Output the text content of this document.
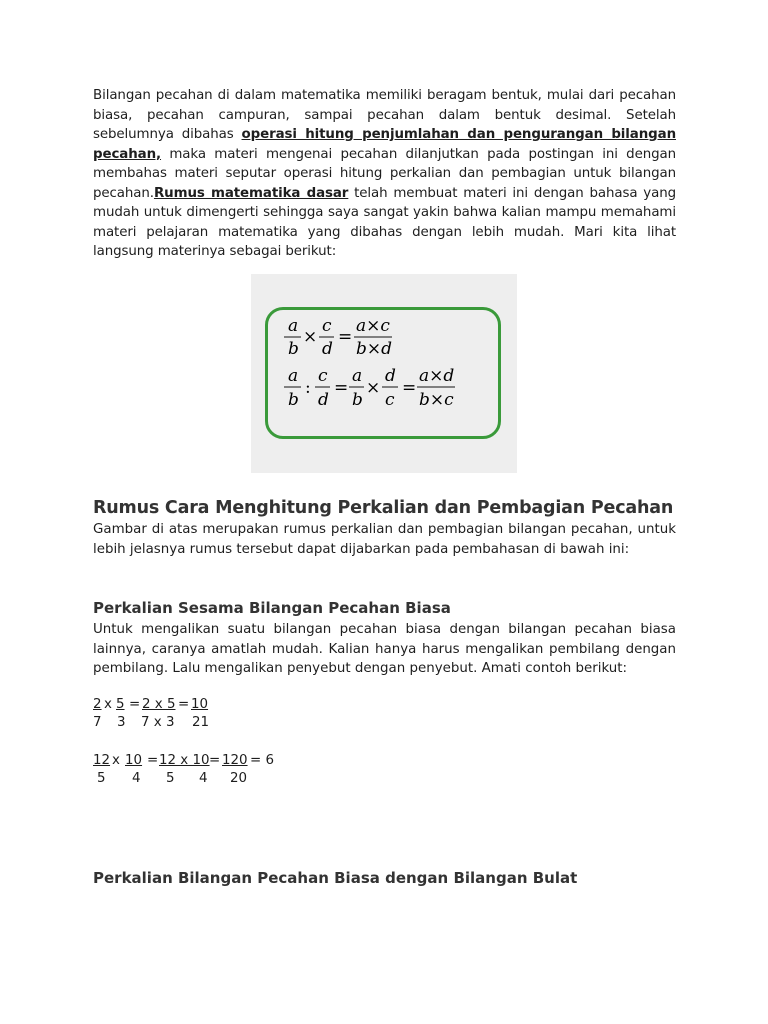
Bilangan pecahan di dalam matematika memiliki beragam bentuk, mulai dari pecahan biasa, pecahan campuran, sampai pecahan dalam bentuk desimal. Setelah sebelumnya dibahas operasi hitung penjumlahan dan pengurangan bilangan pecahan, maka materi mengenai pecahan dilanjutkan pada postingan ini dengan membahas materi seputar operasi hitung perkalian dan pembagian untuk bilangan pecahan.Rumus matematika dasar telah membuat materi ini dengan bahasa yang mudah untuk dimengerti sehingga saya sangat yakin bahwa kalian mampu memahami materi pelajaran matematika yang dibahas dengan lebih mudah. Mari kita lihat langsung materinya sebagai berikut:

a
b
×
c
d
=
a×c
b×d
a
b
:
c
d
=
a
b
×
d
c
=
a×d
b×c
Rumus Cara Menghitung Perkalian dan Pembagian Pecahan

Gambar di atas merupakan rumus perkalian dan pembagian bilangan pecahan, untuk lebih jelasnya rumus tersebut dapat dijabarkan pada pembahasan di bawah ini:

Perkalian Sesama Bilangan Pecahan Biasa

Untuk mengalikan suatu bilangan pecahan biasa dengan bilangan pecahan biasa lainnya, caranya amatlah mudah. Kalian hanya harus mengalikan pembilang dengan pembilang. Lalu mengalikan penyebut dengan penyebut. Amati contoh berikut:

2 x 5 = 2 x 5 = 10
7 3 7 x 3 21
12 x 10 = 12 x 10 = 120 = 6
5 4 5 4 20
Perkalian Bilangan Pecahan Biasa dengan Bilangan Bulat
